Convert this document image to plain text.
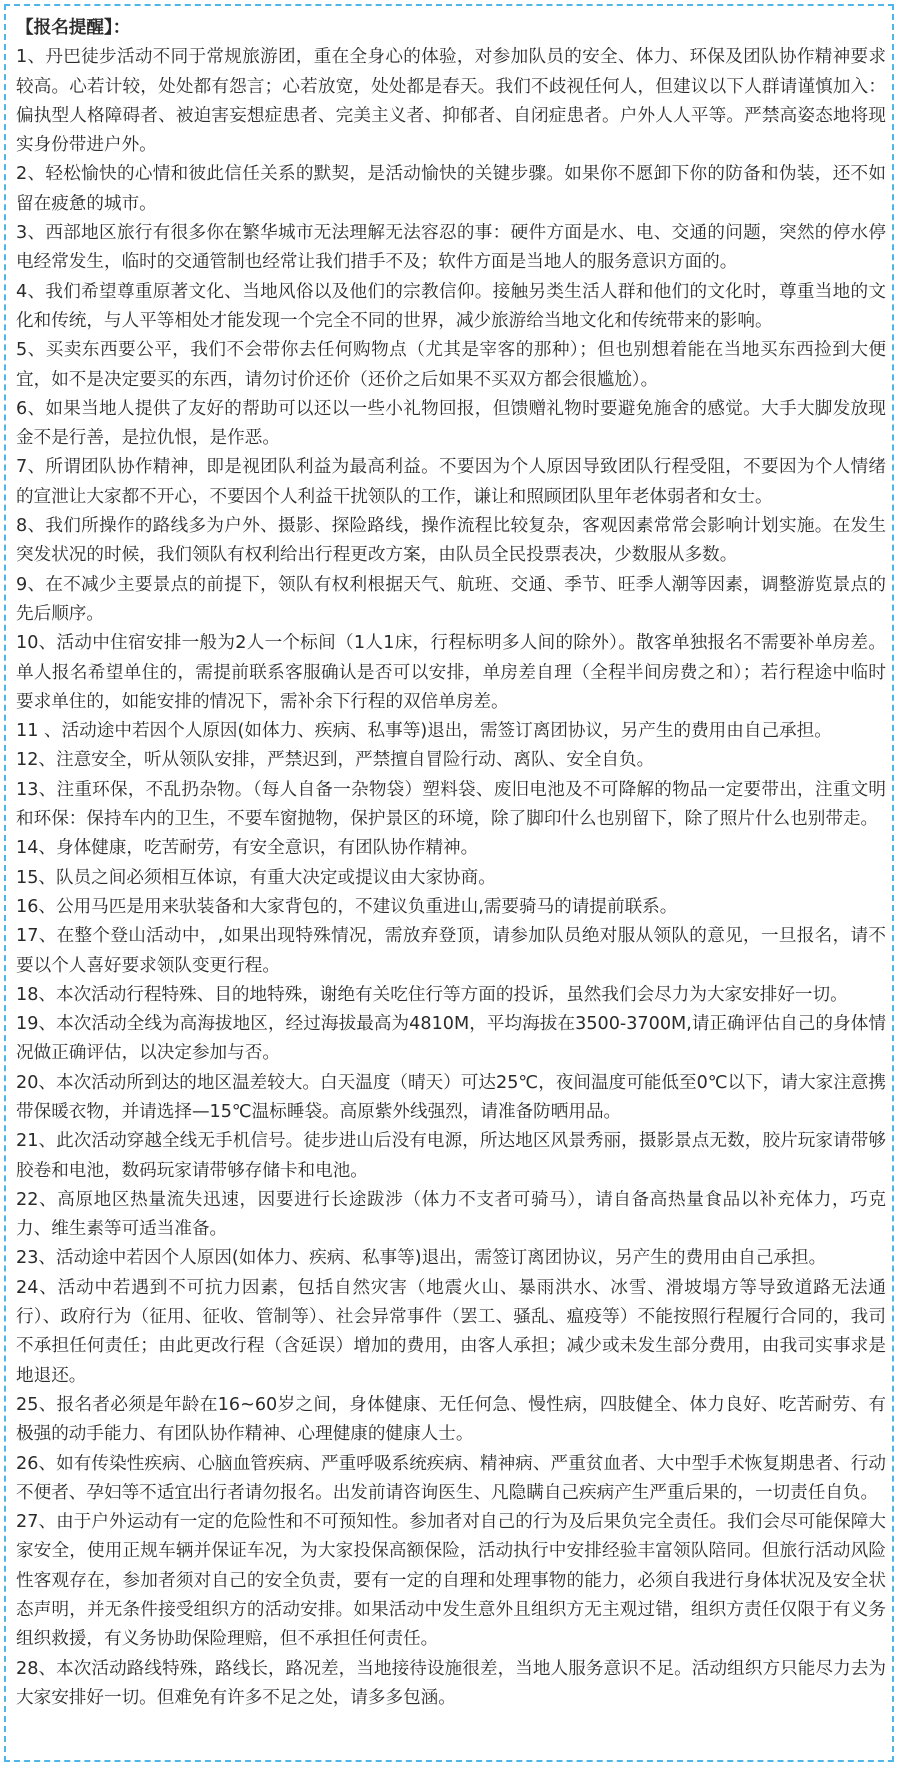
【报名提醒】：

1、丹巴徒步活动不同于常规旅游团，重在全身心的体验，对参加队员的安全、体力、环保及团队协作精神要求较高。心若计较，处处都有怨言；心若放宽，处处都是春天。我们不歧视任何人，但建议以下人群请谨慎加入：偏执型人格障碍者、被迫害妄想症患者、完美主义者、抑郁者、自闭症患者。户外人人平等。严禁高姿态地将现实身份带进户外。

2、轻松愉快的心情和彼此信任关系的默契，是活动愉快的关键步骤。如果你不愿卸下你的防备和伪装，还不如留在疲惫的城市。

3、西部地区旅行有很多你在繁华城市无法理解无法容忍的事：硬件方面是水、电、交通的问题，突然的停水停电经常发生，临时的交通管制也经常让我们措手不及；软件方面是当地人的服务意识方面的。

4、我们希望尊重原著文化、当地风俗以及他们的宗教信仰。接触另类生活人群和他们的文化时，尊重当地的文化和传统，与人平等相处才能发现一个完全不同的世界，减少旅游给当地文化和传统带来的影响。

5、买卖东西要公平，我们不会带你去任何购物点（尤其是宰客的那种）；但也别想着能在当地买东西捡到大便宜，如不是决定要买的东西，请勿讨价还价（还价之后如果不买双方都会很尴尬）。

6、如果当地人提供了友好的帮助可以还以一些小礼物回报，但馈赠礼物时要避免施舍的感觉。大手大脚发放现金不是行善，是拉仇恨，是作恶。

7、所谓团队协作精神，即是视团队利益为最高利益。不要因为个人原因导致团队行程受阻，不要因为个人情绪的宣泄让大家都不开心，不要因个人利益干扰领队的工作，谦让和照顾团队里年老体弱者和女士。

8、我们所操作的路线多为户外、摄影、探险路线，操作流程比较复杂，客观因素常常会影响计划实施。在发生突发状况的时候，我们领队有权利给出行程更改方案，由队员全民投票表决，少数服从多数。

9、在不减少主要景点的前提下，领队有权利根据天气、航班、交通、季节、旺季人潮等因素，调整游览景点的先后顺序。

10、活动中住宿安排一般为2人一个标间（1人1床，行程标明多人间的除外）。散客单独报名不需要补单房差。单人报名希望单住的，需提前联系客服确认是否可以安排，单房差自理（全程半间房费之和）；若行程途中临时要求单住的，如能安排的情况下，需补余下行程的双倍单房差。

11 、活动途中若因个人原因(如体力、疾病、私事等)退出，需签订离团协议，另产生的费用由自己承担。

12、注意安全，听从领队安排，严禁迟到，严禁擅自冒险行动、离队、安全自负。

13、注重环保，不乱扔杂物。（每人自备一杂物袋）塑料袋、废旧电池及不可降解的物品一定要带出，注重文明和环保：保持车内的卫生，不要车窗抛物，保护景区的环境，除了脚印什么也别留下，除了照片什么也别带走。

14、身体健康，吃苦耐劳，有安全意识，有团队协作精神。

15、队员之间必须相互体谅，有重大决定或提议由大家协商。

16、公用马匹是用来驮装备和大家背包的，不建议负重进山,需要骑马的请提前联系。

17、在整个登山活动中，,如果出现特殊情况，需放弃登顶，请参加队员绝对服从领队的意见，一旦报名，请不要以个人喜好要求领队变更行程。

18、本次活动行程特殊、目的地特殊，谢绝有关吃住行等方面的投诉，虽然我们会尽力为大家安排好一切。

19、本次活动全线为高海拔地区，经过海拔最高为4810M，平均海拔在3500-3700M,请正确评估自己的身体情况做正确评估，以决定参加与否。

20、本次活动所到达的地区温差较大。白天温度（晴天）可达25℃，夜间温度可能低至0℃以下，请大家注意携带保暖衣物，并请选择—15℃温标睡袋。高原紫外线强烈，请准备防晒用品。

21、此次活动穿越全线无手机信号。徒步进山后没有电源，所达地区风景秀丽，摄影景点无数，胶片玩家请带够胶卷和电池，数码玩家请带够存储卡和电池。

22、高原地区热量流失迅速，因要进行长途跋涉（体力不支者可骑马），请自备高热量食品以补充体力，巧克力、维生素等可适当准备。

23、活动途中若因个人原因(如体力、疾病、私事等)退出，需签订离团协议，另产生的费用由自己承担。

24、活动中若遇到不可抗力因素，包括自然灾害（地震火山、暴雨洪水、冰雪、滑坡塌方等导致道路无法通行）、政府行为（征用、征收、管制等）、社会异常事件（罢工、骚乱、瘟疫等）不能按照行程履行合同的，我司不承担任何责任；由此更改行程（含延误）增加的费用，由客人承担；减少或未发生部分费用，由我司实事求是地退还。

25、报名者必须是年龄在16~60岁之间，身体健康、无任何急、慢性病，四肢健全、体力良好、吃苦耐劳、有极强的动手能力、有团队协作精神、心理健康的健康人士。

26、如有传染性疾病、心脑血管疾病、严重呼吸系统疾病、精神病、严重贫血者、大中型手术恢复期患者、行动不便者、孕妇等不适宜出行者请勿报名。出发前请咨询医生、凡隐瞒自己疾病产生严重后果的，一切责任自负。

27、由于户外运动有一定的危险性和不可预知性。参加者对自己的行为及后果负完全责任。我们会尽可能保障大家安全，使用正规车辆并保证车况，为大家投保高额保险，活动执行中安排经验丰富领队陪同。但旅行活动风险性客观存在，参加者须对自己的安全负责，要有一定的自理和处理事物的能力，必须自我进行身体状况及安全状态声明，并无条件接受组织方的活动安排。如果活动中发生意外且组织方无主观过错，组织方责任仅限于有义务组织救援，有义务协助保险理赔，但不承担任何责任。

28、本次活动路线特殊，路线长，路况差，当地接待设施很差，当地人服务意识不足。活动组织方只能尽力去为大家安排好一切。但难免有许多不足之处，请多多包涵。
